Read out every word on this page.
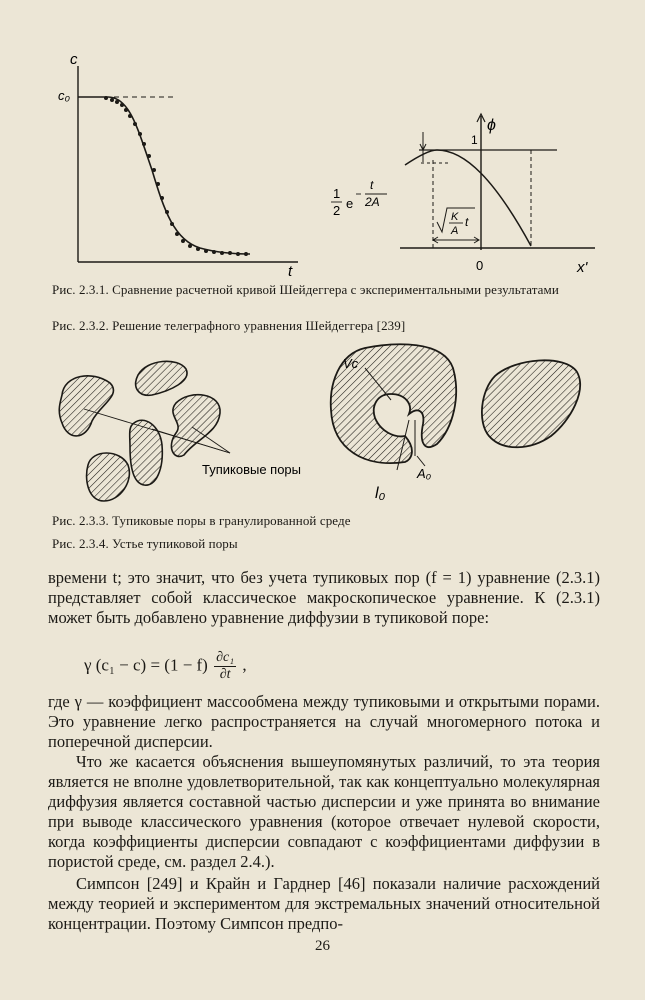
c
c₀
t
ϕ
1
K
A
t
0	x'
1
2 e
t
2A
Тупиковые поры
Vc
A₀
l₀
Рис. 2.3.1. Сравнение расчетной кривой Шейдеггера с экспериментальными результатами
Рис. 2.3.2. Решение телеграфного уравнения Шейдеггера [239]
Рис. 2.3.3. Тупиковые поры в гранулированной среде
Рис. 2.3.4. Устье тупиковой поры

времени t; это значит, что без учета тупиковых пор (f = 1) уравнение (2.3.1) представляет собой классическое макроскопическое уравнение. К (2.3.1) может быть добавлено уравнение диффузии в тупиковой поре:

γ $(c_1 - c) = (1 - f) \frac{\text{∂c₁}}{\partial t}$ ,

где γ — коэффициент массообмена между тупиковыми и открытыми порами. Это уравнение легко распространяется на случай многомерного потока и поперечной дисперсии.

Что же касается объяснения вышеупомянутых различий, то эта теория является не вполне удовлетворительной, так как концептуально молекулярная диффузия является составной частью дисперсии и уже принята во внимание при выводе классического уравнения (которое отвечает нулевой скорости, когда коэффициенты дисперсии совпадают с коэффициентами диффузии в пористой среде, см. раздел 2.4.).

Симпсон [249] и Крайн и Гарднер [46] показали наличие расхождений между теорией и экспериментом для экстремальных значений относительной концентрации. Поэтому Симпсон предпо-

26
